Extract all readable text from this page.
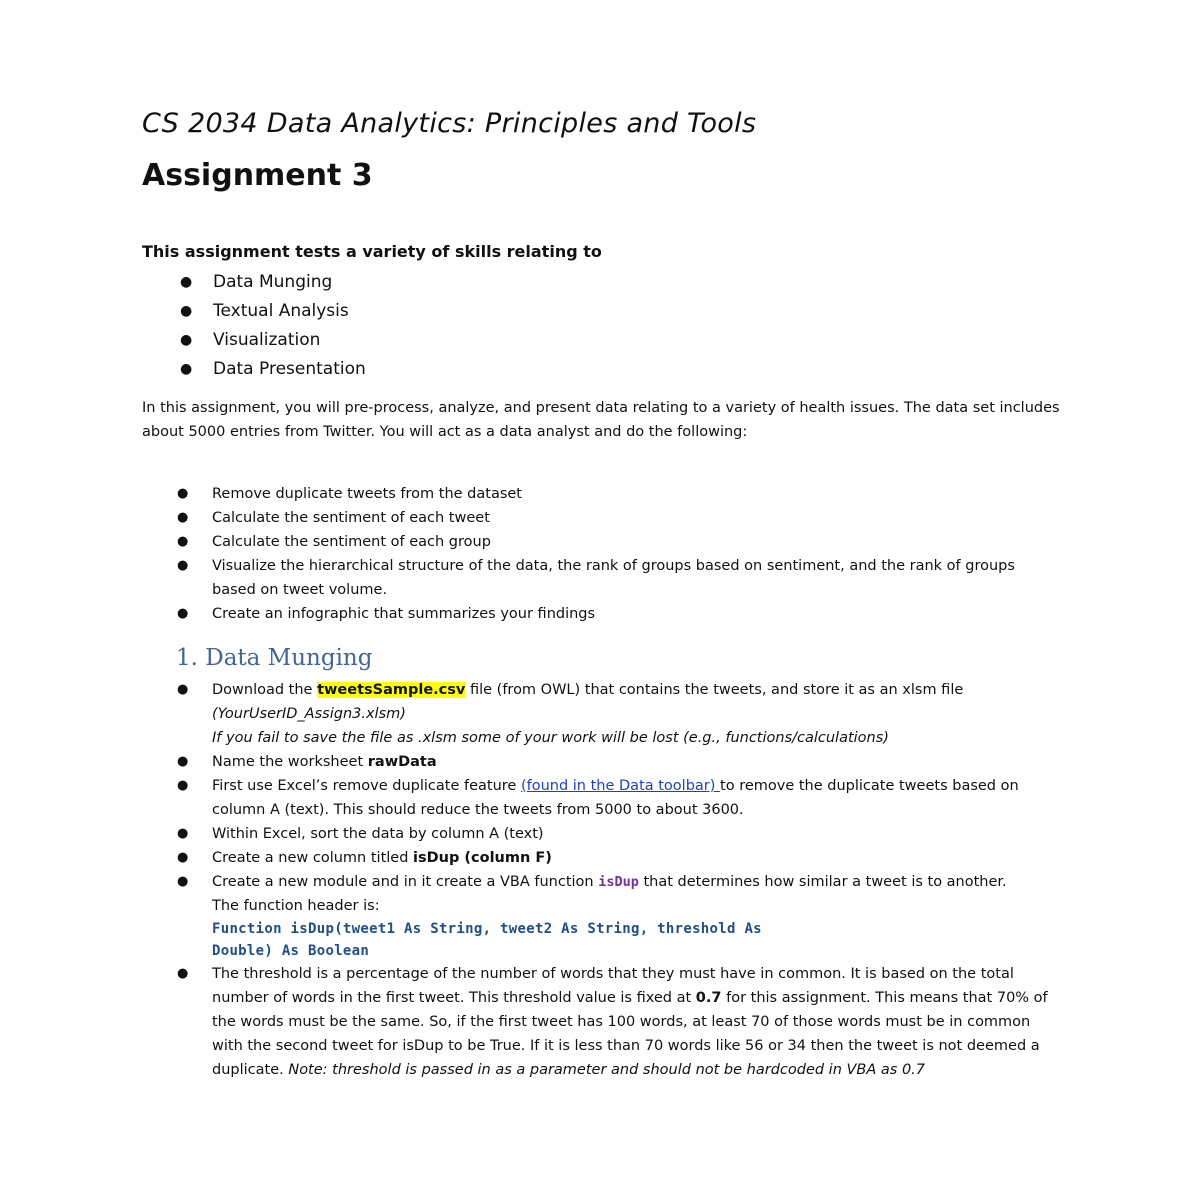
CS 2034 Data Analytics: Principles and Tools
Assignment 3

This assignment tests a variety of skills relating to

● Data Munging
● Textual Analysis
● Visualization
● Data Presentation

In this assignment, you will pre-process, analyze, and present data relating to a variety of health issues. The data set includes about 5000 entries from Twitter. You will act as a data analyst and do the following:

● Remove duplicate tweets from the dataset
● Calculate the sentiment of each tweet
● Calculate the sentiment of each group
● Visualize the hierarchical structure of the data, the rank of groups based on sentiment, and the rank of groups based on tweet volume.
● Create an infographic that summarizes your findings
1. Data Munging
● Download the tweetsSample.csv file (from OWL) that contains the tweets, and store it as an xlsm file (YourUserID_Assign3.xlsm)
If you fail to save the file as .xlsm some of your work will be lost (e.g., functions/calculations)
● Name the worksheet rawData
● First use Excel’s remove duplicate feature (found in the Data toolbar) to remove the duplicate tweets based on column A (text). This should reduce the tweets from 5000 to about 3600.
● Within Excel, sort the data by column A (text)
● Create a new column titled isDup (column F)
● Create a new module and in it create a VBA function isDup that determines how similar a tweet is to another.
The function header is:
Function isDup(tweet1 As String, tweet2 As String, threshold As
Double) As Boolean
● The threshold is a percentage of the number of words that they must have in common. It is based on the total number of words in the first tweet. This threshold value is fixed at 0.7 for this assignment. This means that 70% of the words must be the same. So, if the first tweet has 100 words, at least 70 of those words must be in common with the second tweet for isDup to be True. If it is less than 70 words like 56 or 34 then the tweet is not deemed a duplicate. Note: threshold is passed in as a parameter and should not be hardcoded in VBA as 0.7
